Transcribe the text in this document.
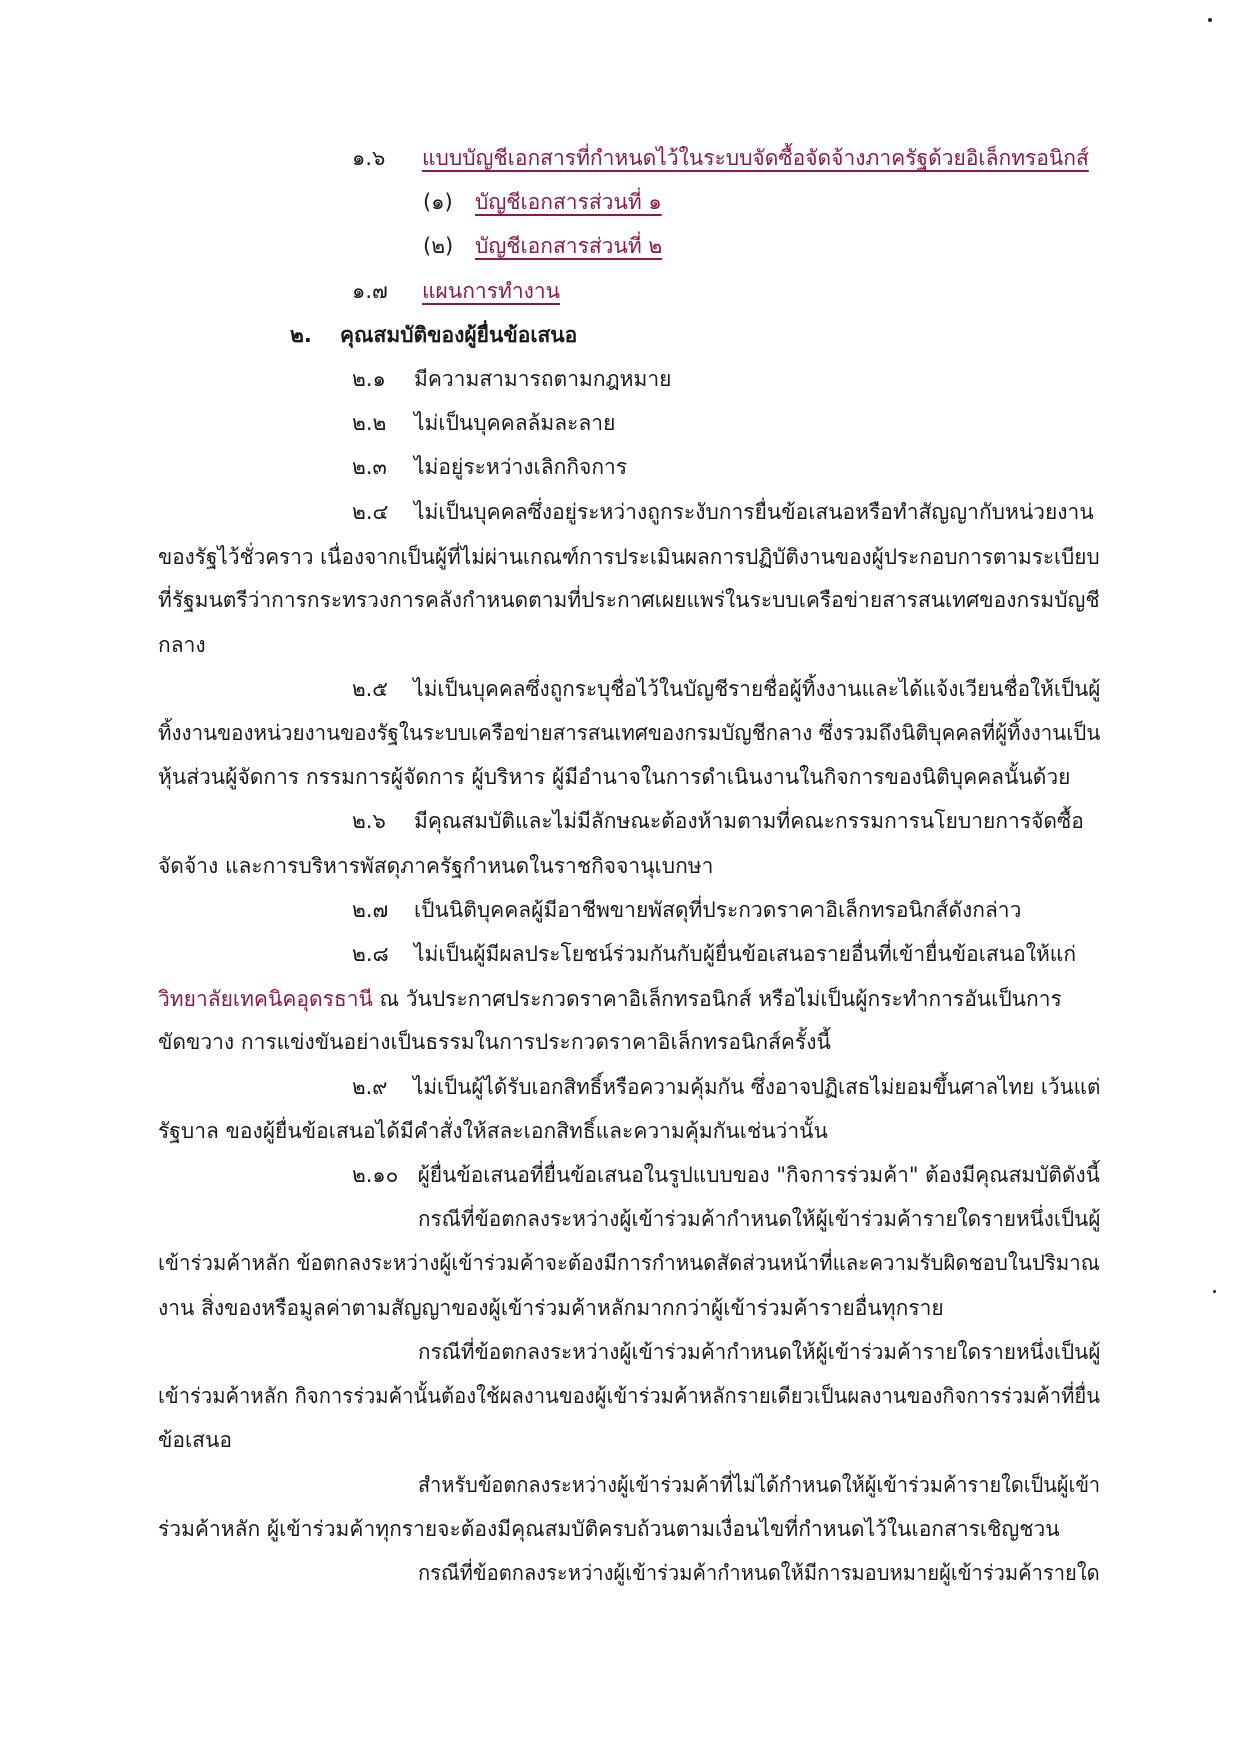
๑.๖ แบบบัญชีเอกสารที่กำหนดไว้ในระบบจัดซื้อจัดจ้างภาครัฐด้วยอิเล็กทรอนิกส์
(๑) บัญชีเอกสารส่วนที่ ๑
(๒) บัญชีเอกสารส่วนที่ ๒
๑.๗ แผนการทำงาน
๒. คุณสมบัติของผู้ยื่นข้อเสนอ
๒.๑ มีความสามารถตามกฎหมาย
๒.๒ ไม่เป็นบุคคลล้มละลาย
๒.๓ ไม่อยู่ระหว่างเลิกกิจการ
๒.๔ ไม่เป็นบุคคลซึ่งอยู่ระหว่างถูกระงับการยื่นข้อเสนอหรือทำสัญญากับหน่วยงาน
ของรัฐไว้ชั่วคราว เนื่องจากเป็นผู้ที่ไม่ผ่านเกณฑ์การประเมินผลการปฏิบัติงานของผู้ประกอบการตามระเบียบ
ที่รัฐมนตรีว่าการกระทรวงการคลังกำหนดตามที่ประกาศเผยแพร่ในระบบเครือข่ายสารสนเทศของกรมบัญชี
กลาง
๒.๕ ไม่เป็นบุคคลซึ่งถูกระบุชื่อไว้ในบัญชีรายชื่อผู้ทิ้งงานและได้แจ้งเวียนชื่อให้เป็นผู้
ทิ้งงานของหน่วยงานของรัฐในระบบเครือข่ายสารสนเทศของกรมบัญชีกลาง ซึ่งรวมถึงนิติบุคคลที่ผู้ทิ้งงานเป็น
หุ้นส่วนผู้จัดการ กรรมการผู้จัดการ ผู้บริหาร ผู้มีอำนาจในการดำเนินงานในกิจการของนิติบุคคลนั้นด้วย
๒.๖ มีคุณสมบัติและไม่มีลักษณะต้องห้ามตามที่คณะกรรมการนโยบายการจัดซื้อ
จัดจ้าง และการบริหารพัสดุภาครัฐกำหนดในราชกิจจานุเบกษา
๒.๗ เป็นนิติบุคคลผู้มีอาชีพขายพัสดุที่ประกวดราคาอิเล็กทรอนิกส์ดังกล่าว
๒.๘ ไม่เป็นผู้มีผลประโยชน์ร่วมกันกับผู้ยื่นข้อเสนอรายอื่นที่เข้ายื่นข้อเสนอให้แก่
วิทยาลัยเทคนิคอุดรธานี ณ วันประกาศประกวดราคาอิเล็กทรอนิกส์ หรือไม่เป็นผู้กระทำการอันเป็นการ
ขัดขวาง การแข่งขันอย่างเป็นธรรมในการประกวดราคาอิเล็กทรอนิกส์ครั้งนี้
๒.๙ ไม่เป็นผู้ได้รับเอกสิทธิ์หรือความคุ้มกัน ซึ่งอาจปฏิเสธไม่ยอมขึ้นศาลไทย เว้นแต่
รัฐบาล ของผู้ยื่นข้อเสนอได้มีคำสั่งให้สละเอกสิทธิ์และความคุ้มกันเช่นว่านั้น
๒.๑๐ ผู้ยื่นข้อเสนอที่ยื่นข้อเสนอในรูปแบบของ "กิจการร่วมค้า" ต้องมีคุณสมบัติดังนี้
กรณีที่ข้อตกลงระหว่างผู้เข้าร่วมค้ากำหนดให้ผู้เข้าร่วมค้ารายใดรายหนึ่งเป็นผู้
เข้าร่วมค้าหลัก ข้อตกลงระหว่างผู้เข้าร่วมค้าจะต้องมีการกำหนดสัดส่วนหน้าที่และความรับผิดชอบในปริมาณ
งาน สิ่งของหรือมูลค่าตามสัญญาของผู้เข้าร่วมค้าหลักมากกว่าผู้เข้าร่วมค้ารายอื่นทุกราย
กรณีที่ข้อตกลงระหว่างผู้เข้าร่วมค้ากำหนดให้ผู้เข้าร่วมค้ารายใดรายหนึ่งเป็นผู้
เข้าร่วมค้าหลัก กิจการร่วมค้านั้นต้องใช้ผลงานของผู้เข้าร่วมค้าหลักรายเดียวเป็นผลงานของกิจการร่วมค้าที่ยื่น
ข้อเสนอ
สำหรับข้อตกลงระหว่างผู้เข้าร่วมค้าที่ไม่ได้กำหนดให้ผู้เข้าร่วมค้ารายใดเป็นผู้เข้า
ร่วมค้าหลัก ผู้เข้าร่วมค้าทุกรายจะต้องมีคุณสมบัติครบถ้วนตามเงื่อนไขที่กำหนดไว้ในเอกสารเชิญชวน
กรณีที่ข้อตกลงระหว่างผู้เข้าร่วมค้ากำหนดให้มีการมอบหมายผู้เข้าร่วมค้ารายใด
